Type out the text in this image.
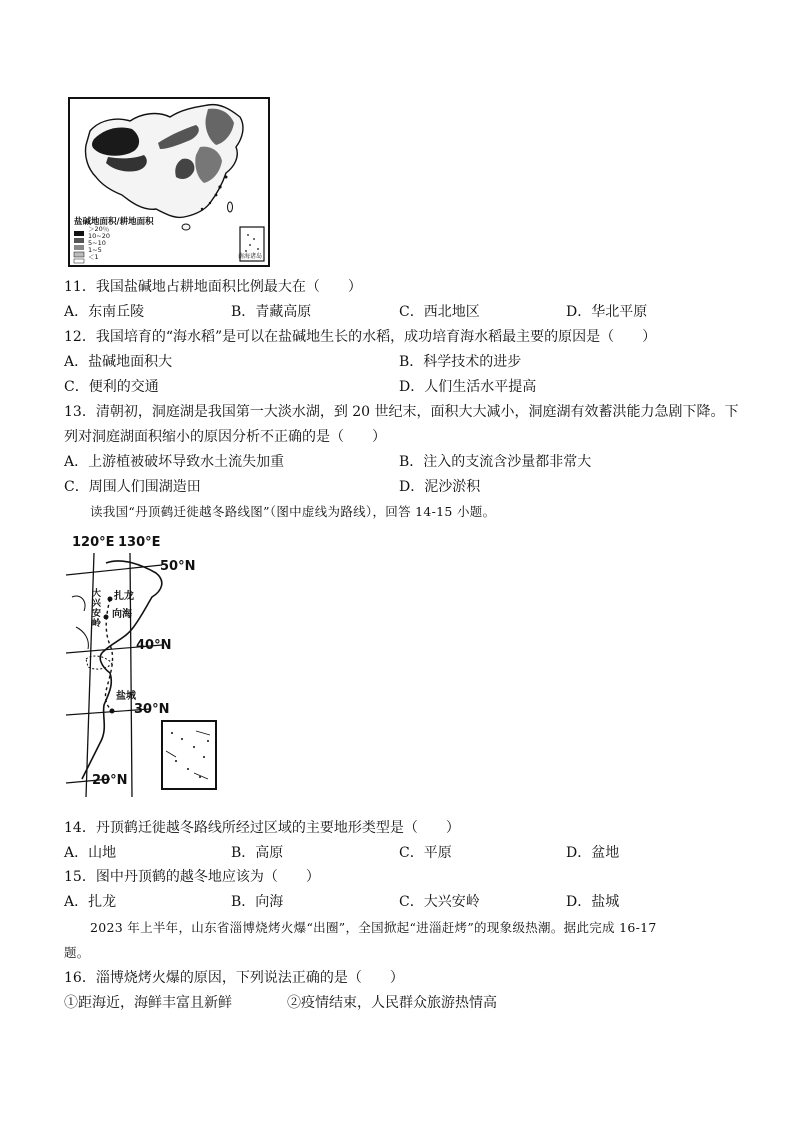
盐碱地面积/耕地面积
＞20％
10~20
5~10
1~5
＜1	南海诸岛
11．我国盐碱地占耕地面积比例最大在（　　）
A．东南丘陵	B．青藏高原	C．西北地区	D．华北平原
12．我国培育的“海水稻”是可以在盐碱地生长的水稻，成功培育海水稻最主要的原因是（　　）
A．盐碱地面积大	B．科学技术的进步
C．便利的交通	D．人们生活水平提高
13．清朝初，洞庭湖是我国第一大淡水湖，到 20 世纪末，面积大大减小，洞庭湖有效蓄洪能力急剧下降。下
列对洞庭湖面积缩小的原因分析不正确的是（　　）
A．上游植被破坏导致水土流失加重	B．注入的支流含沙量都非常大
C．周围人们围湖造田	D．泥沙淤积
读我国“丹顶鹤迁徙越冬路线图”（图中虚线为路线），回答 14-15 小题。
120°E 130°E
50°N
40°N
30°N
20°N
扎龙
向海
盐城
大兴安岭
14．丹顶鹤迁徙越冬路线所经过区域的主要地形类型是（　　）
A．山地	B．高原	C．平原	D．盆地
15．图中丹顶鹤的越冬地应该为（　　）
A．扎龙	B．向海	C．大兴安岭	D．盐城
2023 年上半年，山东省淄博烧烤火爆“出圈”，全国掀起“进淄赶烤”的现象级热潮。据此完成 16-17
题。
16．淄博烧烤火爆的原因，下列说法正确的是（　　）
①距海近，海鲜丰富且新鲜	②疫情结束，人民群众旅游热情高
